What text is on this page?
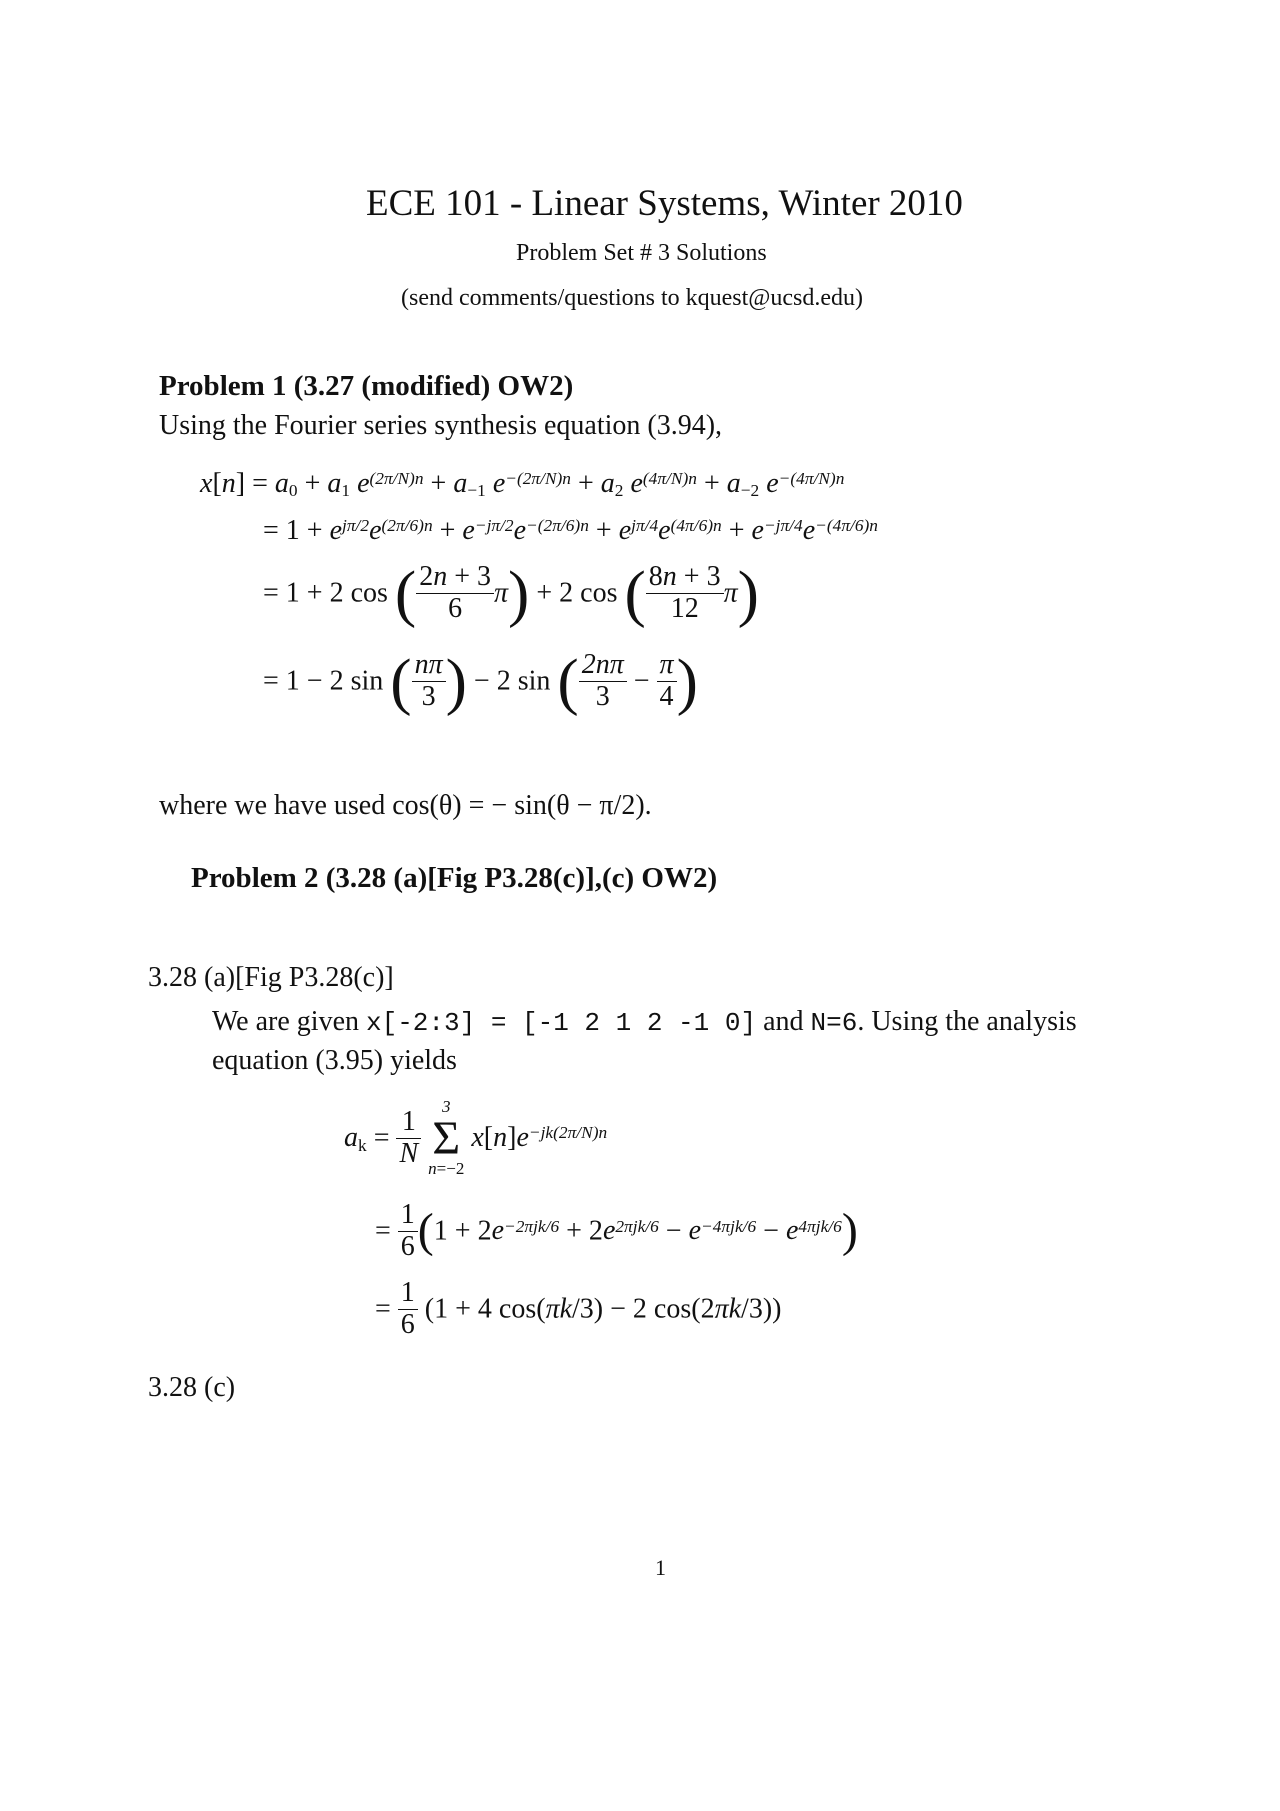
ECE 101 - Linear Systems, Winter 2010
Problem Set # 3 Solutions
(send comments/questions to kquest@ucsd.edu)
Problem 1 (3.27 (modified) OW2)
Using the Fourier series synthesis equation (3.94),
$x[n] = a_0 + a_1$ $e^{(2\pi/N)n} + a_{-1}$ $e^{-(2\pi/N)n} + a_2$ $e^{(4\pi/N)n} + a_{-2}$ $e^{-(4\pi/N)n}$
= $1 + e^{j\pi/2}e^{(2\pi/6)n} + e^{-j\pi/2}e^{-(2\pi/6)n} + e^{j\pi/4}e^{(4\pi/6)n} + e^{-j\pi/4}e^{-(4\pi/6)n}$
= 1 + 2 cos ( $\frac{2n + 3}{6} \pi) + 2$ cos ( $\frac{8n + 3}{12} \pi$)
= 1 − 2 sin ( $\frac{n\pi}{3}$ ) − 2 sin ( $\frac{2n\pi}{3} - \frac{\pi}{4}$ )
where we have used cos(θ) = − sin(θ − π/2).
Problem 2 (3.28 (a)[Fig P3.28(c)],(c) OW2)
3.28 (a)[Fig P3.28(c)]
We are given x[-2:3] = [-1 2 1 2 -1 0] and N=6. Using the analysis
equation (3.95) yields
$a_k = \frac{1}{N}$

3
Σ
n=−2
$x[n]e^{-jk(2\pi/N)n}$
= $\frac{1}{6} (1 + 2e^{-2\pi jk/6} + 2e^{2\pi jk/6} - e^{-4\pi jk/6} - e^{4\pi jk/6})$
= $\frac{1}{6} (1 + 4$ cos(πk/3) − 2 cos(2πk/3))
3.28 (c)
1
